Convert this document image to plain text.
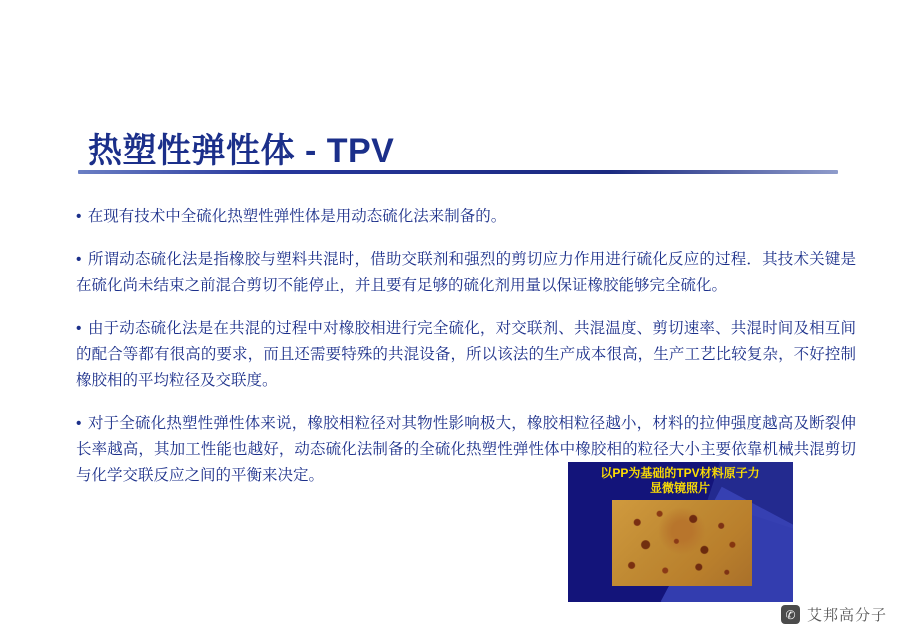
热塑性弹性体 - TPV

• 在现有技术中全硫化热塑性弹性体是用动态硫化法来制备的。

• 所谓动态硫化法是指橡胶与塑料共混时，借助交联剂和强烈的剪切应力作用进行硫化反应的过程．其技术关键是在硫化尚未结束之前混合剪切不能停止，并且要有足够的硫化剂用量以保证橡胶能够完全硫化。

• 由于动态硫化法是在共混的过程中对橡胶相进行完全硫化，对交联剂、共混温度、剪切速率、共混时间及相互间的配合等都有很高的要求，而且还需要特殊的共混设备，所以该法的生产成本很高，生产工艺比较复杂，不好控制橡胶相的平均粒径及交联度。

• 对于全硫化热塑性弹性体来说，橡胶相粒径对其物性影响极大，橡胶相粒径越小，材料的拉伸强度越高及断裂伸长率越高，其加工性能也越好，动态硫化法制备的全硫化热塑性弹性体中橡胶相的粒径大小主要依靠机械共混剪切与化学交联反应之间的平衡来决定。	以PP为基础的TPV材料原子力
显微镜照片
✆ 艾邦高分子
